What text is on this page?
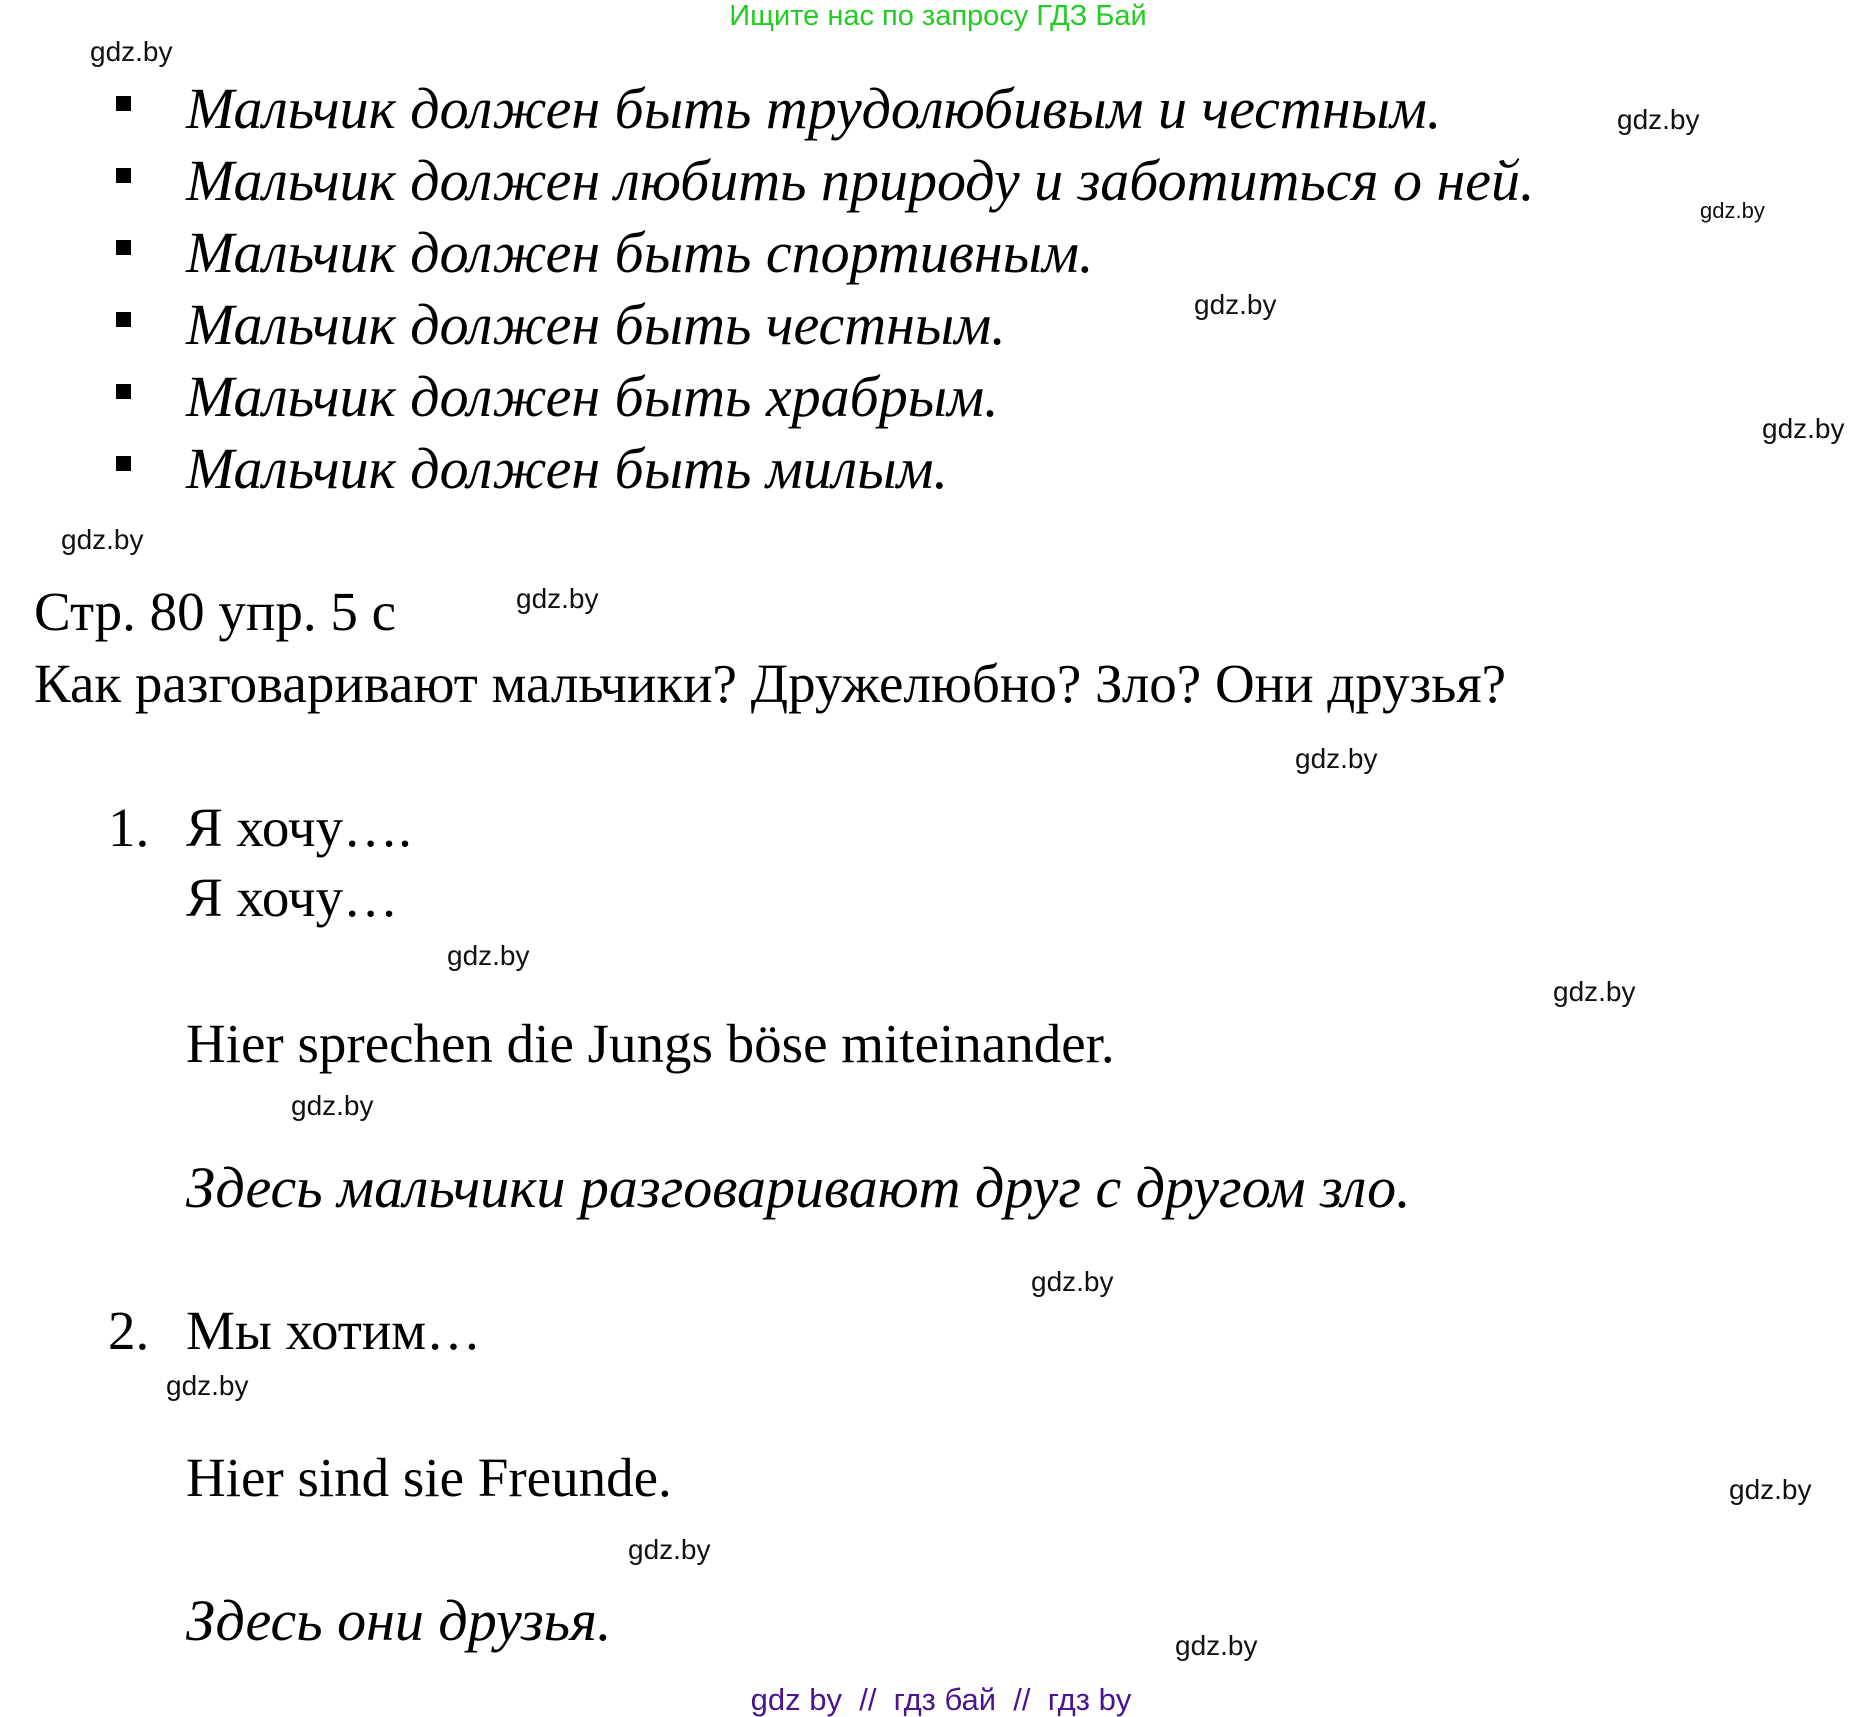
Ищите нас по запросу ГДЗ Бай
gdz.by
gdz.by
gdz.by
gdz.by
gdz.by
gdz.by
gdz.by
gdz.by
gdz.by
gdz.by
gdz.by
gdz.by
gdz.by
gdz.by
gdz.by
gdz.by
Мальчик должен быть трудолюбивым и честным.
Мальчик должен любить природу и заботиться о ней.
Мальчик должен быть спортивным.
Мальчик должен быть честным.
Мальчик должен быть храбрым.
Мальчик должен быть милым.
Стр. 80 упр. 5 с
Как разговаривают мальчики? Дружелюбно? Зло? Они друзья?
1. Я хочу….
Я хочу…
Hier sprechen die Jungs böse miteinander.
Здесь мальчики разговаривают друг с другом зло.
2. Мы хотим…
Hier sind sie Freunde.
Здесь они друзья.
gdz by  //  гдз бай  //  гдз by
